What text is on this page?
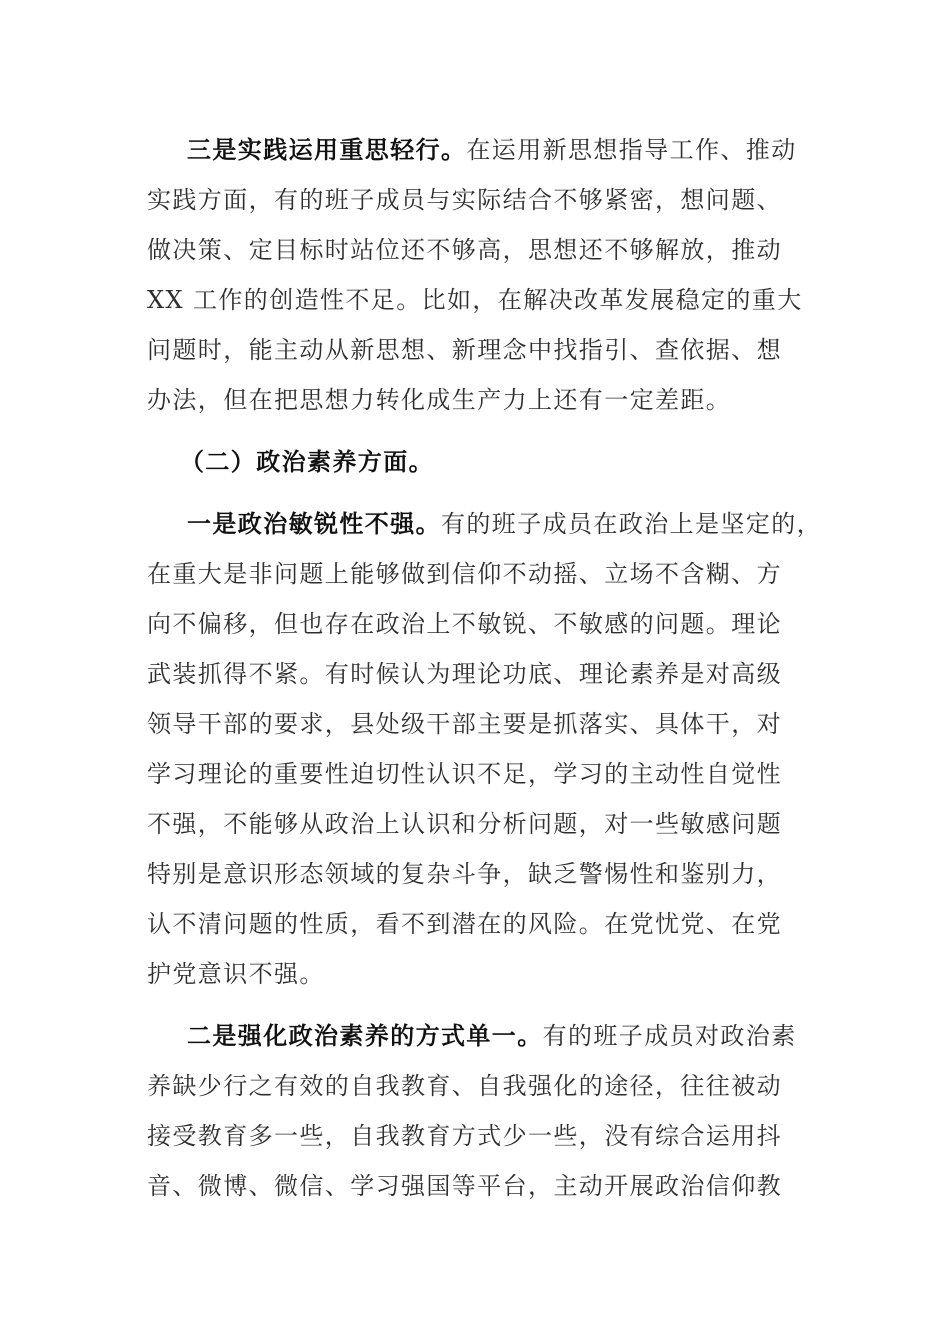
三是实践运用重思轻行。在运用新思想指导工作、推动
实践方面，有的班子成员与实际结合不够紧密，想问题、
做决策、定目标时站位还不够高，思想还不够解放，推动
XX 工作的创造性不足。比如，在解决改革发展稳定的重大
问题时，能主动从新思想、新理念中找指引、查依据、想
办法，但在把思想力转化成生产力上还有一定差距。
（二）政治素养方面。
一是政治敏锐性不强。有的班子成员在政治上是坚定的，
在重大是非问题上能够做到信仰不动摇、立场不含糊、方
向不偏移，但也存在政治上不敏锐、不敏感的问题。理论
武装抓得不紧。有时候认为理论功底、理论素养是对高级
领导干部的要求，县处级干部主要是抓落实、具体干，对
学习理论的重要性迫切性认识不足，学习的主动性自觉性
不强，不能够从政治上认识和分析问题，对一些敏感问题
特别是意识形态领域的复杂斗争，缺乏警惕性和鉴别力，
认不清问题的性质，看不到潜在的风险。在党忧党、在党
护党意识不强。
二是强化政治素养的方式单一。有的班子成员对政治素
养缺少行之有效的自我教育、自我强化的途径，往往被动
接受教育多一些，自我教育方式少一些，没有综合运用抖
音、微博、微信、学习强国等平台，主动开展政治信仰教
